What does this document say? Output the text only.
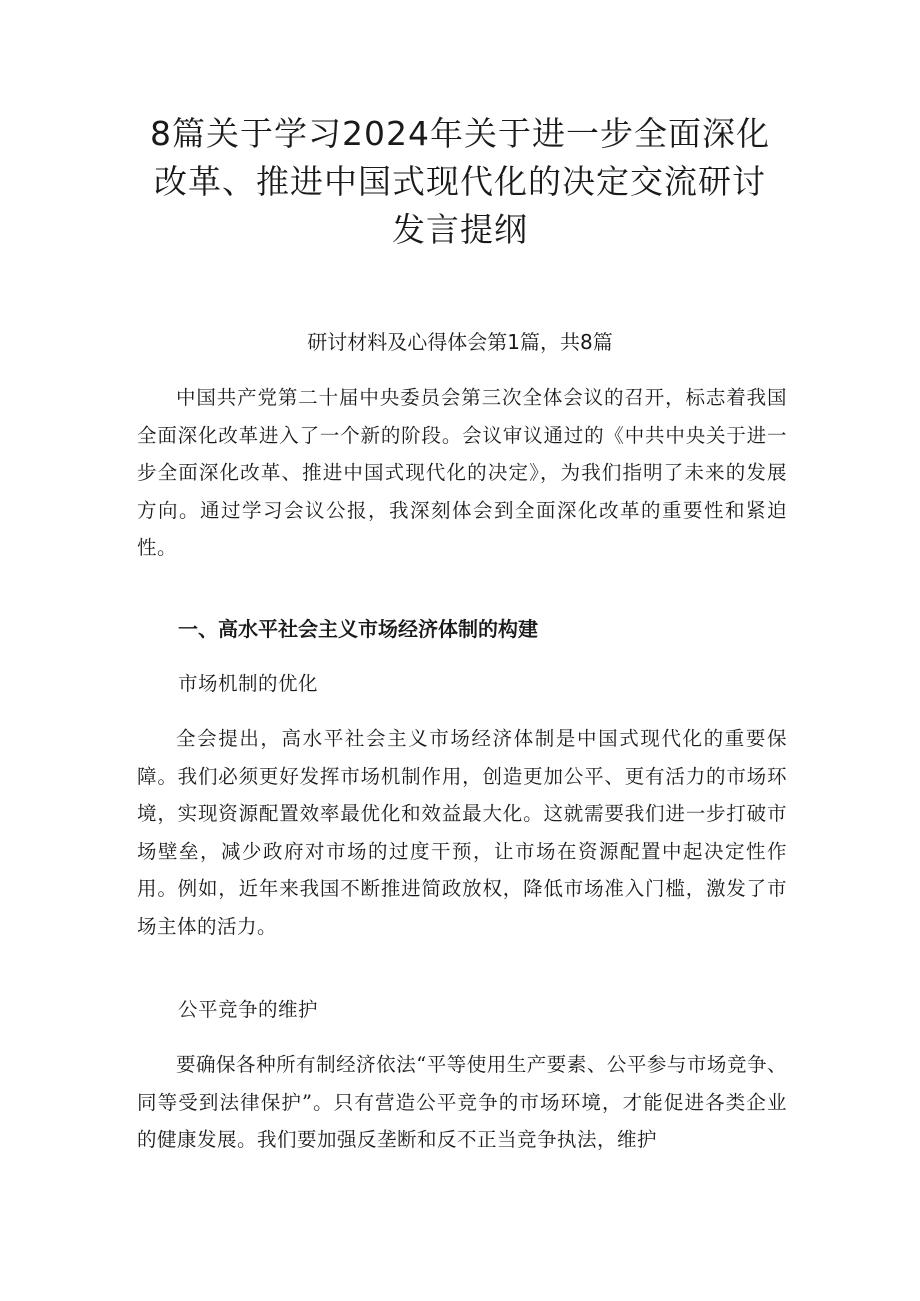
8篇关于学习2024年关于进一步全面深化
改革、推进中国式现代化的决定交流研讨
发言提纲

研讨材料及心得体会第1篇，共8篇

中国共产党第二十届中央委员会第三次全体会议的召开，标志着我国全面深化改革进入了一个新的阶段。会议审议通过的《中共中央关于进一步全面深化改革、推进中国式现代化的决定》，为我们指明了未来的发展方向。通过学习会议公报，我深刻体会到全面深化改革的重要性和紧迫性。

一、高水平社会主义市场经济体制的构建

市场机制的优化

全会提出，高水平社会主义市场经济体制是中国式现代化的重要保障。我们必须更好发挥市场机制作用，创造更加公平、更有活力的市场环境，实现资源配置效率最优化和效益最大化。这就需要我们进一步打破市场壁垒，减少政府对市场的过度干预，让市场在资源配置中起决定性作用。例如，近年来我国不断推进简政放权，降低市场准入门槛，激发了市场主体的活力。

公平竞争的维护

要确保各种所有制经济依法“平等使用生产要素、公平参与市场竞争、同等受到法律保护”。只有营造公平竞争的市场环境，才能促进各类企业的健康发展。我们要加强反垄断和反不正当竞争执法，维护
